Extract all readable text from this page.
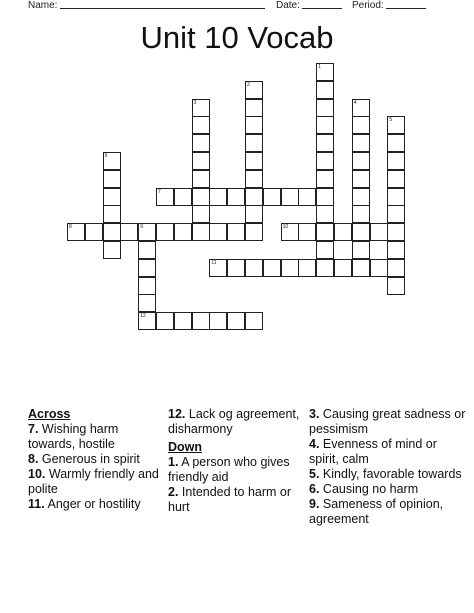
Name:	Date:	Period:
Unit 10 Vocab
1
2
3	4
5
6
7
8	9
12
10
11
Across
7. Wishing harm towards, hostile
8. Generous in spirit
10. Warmly friendly and polite
11. Anger or hostility
12. Lack og agreement, disharmony
Down
1. A person who gives friendly aid
2. Intended to harm or hurt
3. Causing great sadness or pessimism
4. Evenness of mind or spirit, calm
5. Kindly, favorable towards
6. Causing no harm
9. Sameness of opinion, agreement
